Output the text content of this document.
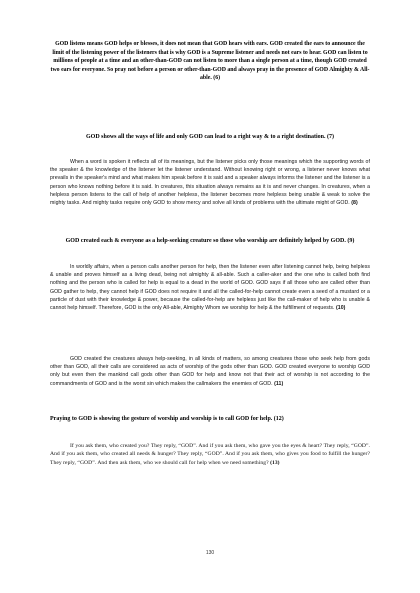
GOD listens means GOD helps or blesses, it does not mean that GOD hears with ears. GOD created the ears to announce the limit of the listening power of the listeners that is why GOD is a Supreme listener and needs not ears to hear. GOD can listen to millions of people at a time and an other-than-GOD can not listen to more than a single person at a time, though GOD created two ears for everyone. So pray not before a person or other-than-GOD and always pray in the presence of GOD Almighty & All-able. (6)

GOD shows all the ways of life and only GOD can lead to a right way & to a right destination. (7)

When a word is spoken it reflects all of its meanings, but the listener picks only those meanings which the supporting words of the speaker & the knowledge of the listener let the listener understand. Without knowing right or wrong, a listener never knows what prevails in the speaker's mind and what makes him speak before it is said and a speaker always informs the listener and the listener is a person who knows nothing before it is said. In creatures, this situation always remains as it is and never changes. In creatures, when a helpless person listens to the call of help of another helpless, the listener becomes more helpless being unable & weak to solve the mighty tasks. And mighty tasks require only GOD to show mercy and solve all kinds of problems with the ultimate might of GOD. (8)

GOD created each & everyone as a help-seeking creature so those who worship are definitely helped by GOD. (9)

In worldly affairs, when a person calls another person for help, then the listener even after listening cannot help, being helpless & unable and proves himself as a living dead, being not almighty & all-able. Such a caller-aker and the one who is called both find nothing and the person who is called for help is equal to a dead in the world of GOD. GOD says if all those who are called other than GOD gather to help, they cannot help if GOD does not require it and all the called-for-help cannot create even a seed of a mustard or a particle of dust with their knowledge & power, because the called-for-help are helpless just like the call-maker of help who is unable & cannot help himself. Therefore, GOD is the only All-able, Almighty Whom we worship for help & the fulfillment of requests. (10)

GOD created the creatures always help-seeking, in all kinds of matters, so among creatures those who seek help from gods other than GOD, all their calls are considered as acts of worship of the gods other than GOD. GOD created everyone to worship GOD only but even then the mankind call gods other than GOD for help and know not that their act of worship is not according to the commandments of GOD and is the worst sin which makes the callmakers the enemies of GOD. (11)

Praying to GOD is showing the gesture of worship and worship is to call GOD for help. (12)

If you ask them, who created you? They reply, “GOD”. And if you ask them, who gave you the eyes & heart? They reply, “GOD”. And if you ask them, who created all needs & hunger? They reply, “GOD”. And if you ask them, who gives you food to fulfill the hunger? They reply, “GOD”. And then ask them, who we should call for help when we need something? (13)

130
